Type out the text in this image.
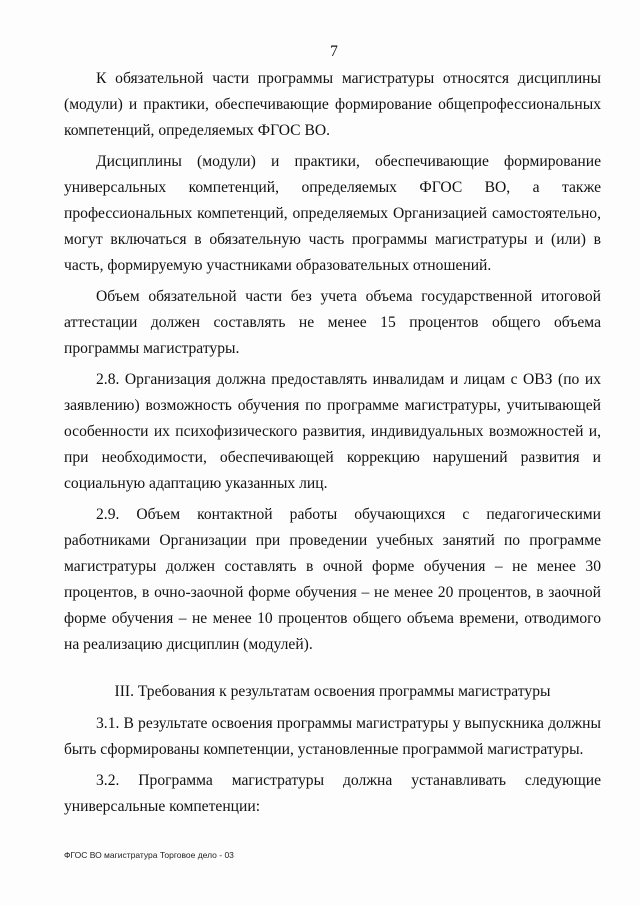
7

К обязательной части программы магистратуры относятся дисциплины (модули) и практики, обеспечивающие формирование общепрофессиональных компетенций, определяемых ФГОС ВО.

Дисциплины (модули) и практики, обеспечивающие формирование универсальных компетенций, определяемых ФГОС ВО, а также профессиональных компетенций, определяемых Организацией самостоятельно, могут включаться в обязательную часть программы магистратуры и (или) в часть, формируемую участниками образовательных отношений.

Объем обязательной части без учета объема государственной итоговой аттестации должен составлять не менее 15 процентов общего объема программы магистратуры.

2.8. Организация должна предоставлять инвалидам и лицам с ОВЗ (по их заявлению) возможность обучения по программе магистратуры, учитывающей особенности их психофизического развития, индивидуальных возможностей и, при необходимости, обеспечивающей коррекцию нарушений развития и социальную адаптацию указанных лиц.

2.9. Объем контактной работы обучающихся с педагогическими работниками Организации при проведении учебных занятий по программе магистратуры должен составлять в очной форме обучения – не менее 30 процентов, в очно-заочной форме обучения – не менее 20 процентов, в заочной форме обучения – не менее 10 процентов общего объема времени, отводимого на реализацию дисциплин (модулей).

III. Требования к результатам освоения программы магистратуры

3.1. В результате освоения программы магистратуры у выпускника должны быть сформированы компетенции, установленные программой магистратуры.

3.2. Программа магистратуры должна устанавливать следующие универсальные компетенции:

ФГОС ВО магистратура Торговое дело - 03
